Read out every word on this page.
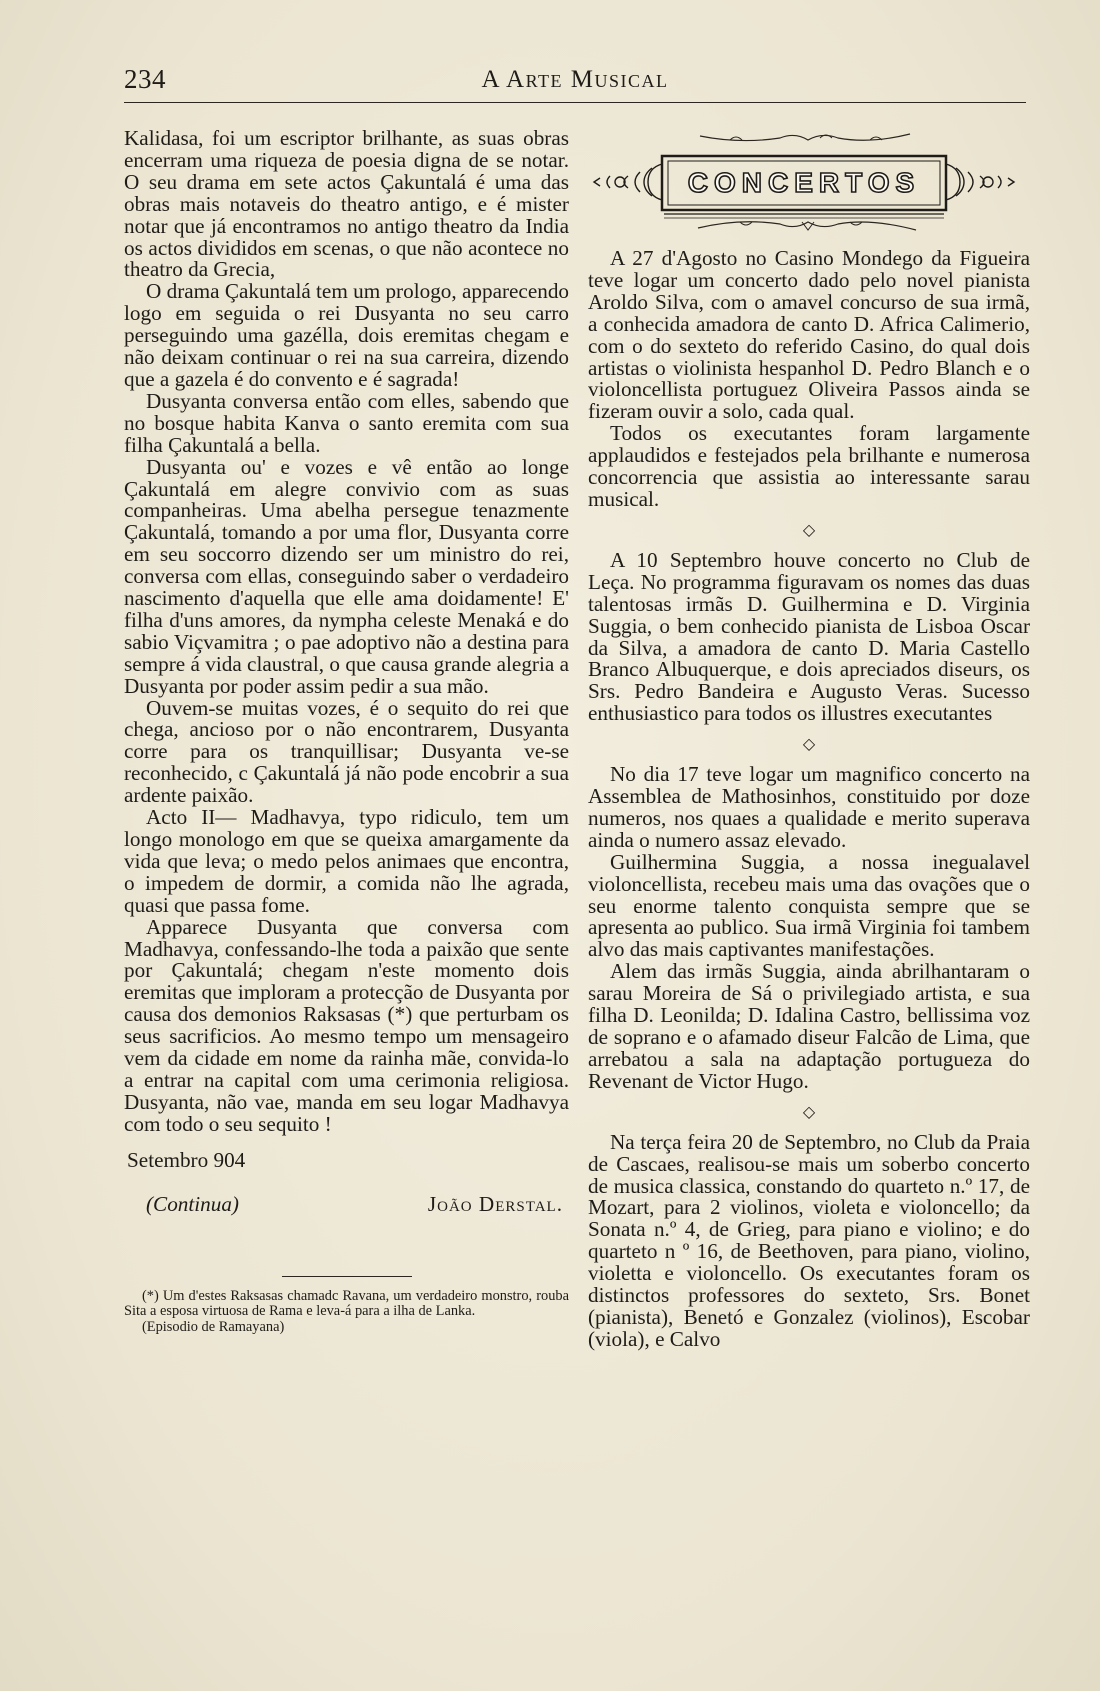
234	A Arte Musical

Kalidasa, foi um escriptor brilhante, as suas obras encerram uma riqueza de poesia digna de se notar. O seu drama em sete actos Çakuntalá é uma das obras mais notaveis do theatro antigo, e é mister notar que já encontramos no antigo theatro da India os actos divididos em scenas, o que não acontece no theatro da Grecia,

O drama Çakuntalá tem um prologo, apparecendo logo em seguida o rei Dusyanta no seu carro perseguindo uma gazélla, dois eremitas chegam e não deixam continuar o rei na sua carreira, dizendo que a gazela é do convento e é sagrada!

Dusyanta conversa então com elles, sabendo que no bosque habita Kanva o santo eremita com sua filha Çakuntalá a bella.

Dusyanta ou' e vozes e vê então ao longe Çakuntalá em alegre convivio com as suas companheiras. Uma abelha persegue tenazmente Çakuntalá, tomando a por uma flor, Dusyanta corre em seu soccorro dizendo ser um ministro do rei, conversa com ellas, conseguindo saber o verdadeiro nascimento d'aquella que elle ama doidamente! E' filha d'uns amores, da nympha celeste Menaká e do sabio Viçvamitra ; o pae adoptivo não a destina para sempre á vida claustral, o que causa grande alegria a Dusyanta por poder assim pedir a sua mão.

Ouvem-se muitas vozes, é o sequito do rei que chega, ancioso por o não encontrarem, Dusyanta corre para os tranquillisar; Dusyanta ve-se reconhecido, c Çakuntalá já não pode encobrir a sua ardente paixão.

Acto II— Madhavya, typo ridiculo, tem um longo monologo em que se queixa amargamente da vida que leva; o medo pelos animaes que encontra, o impedem de dormir, a comida não lhe agrada, quasi que passa fome.

Apparece Dusyanta que conversa com Madhavya, confessando-lhe toda a paixão que sente por Çakuntalá; chegam n'este momento dois eremitas que imploram a protecção de Dusyanta por causa dos demonios Raksasas (*) que perturbam os seus sacrificios. Ao mesmo tempo um mensageiro vem da cidade em nome da rainha mãe, convida-lo a entrar na capital com uma cerimonia religiosa. Dusyanta, não vae, manda em seu logar Madhavya com todo o seu sequito !

Setembro 904
(Continua)	João Derstal.

(*) Um d'estes Raksasas chamadc Ravana, um verdadeiro monstro, rouba Sita a esposa virtuosa de Rama e leva-á para a ilha de Lanka.

(Episodio de Ramayana)

CONCERTOS

A 27 d'Agosto no Casino Mondego da Figueira teve logar um concerto dado pelo novel pianista Aroldo Silva, com o amavel concurso de sua irmã, a conhecida amadora de canto D. Africa Calimerio, com o do sexteto do referido Casino, do qual dois artistas o violinista hespanhol D. Pedro Blanch e o violoncellista portuguez Oliveira Passos ainda se fizeram ouvir a solo, cada qual.

Todos os executantes foram largamente applaudidos e festejados pela brilhante e numerosa concorrencia que assistia ao interessante sarau musical.

◇

A 10 Septembro houve concerto no Club de Leça. No programma figuravam os nomes das duas talentosas irmãs D. Guilhermina e D. Virginia Suggia, o bem conhecido pianista de Lisboa Oscar da Silva, a amadora de canto D. Maria Castello Branco Albuquerque, e dois apreciados diseurs, os Srs. Pedro Bandeira e Augusto Veras. Sucesso enthusiastico para todos os illustres executantes

◇

No dia 17 teve logar um magnifico concerto na Assemblea de Mathosinhos, constituido por doze numeros, nos quaes a qualidade e merito superava ainda o numero assaz elevado.

Guilhermina Suggia, a nossa inegualavel violoncellista, recebeu mais uma das ovações que o seu enorme talento conquista sempre que se apresenta ao publico. Sua irmã Virginia foi tambem alvo das mais captivantes manifestações.

Alem das irmãs Suggia, ainda abrilhantaram o sarau Moreira de Sá o privilegiado artista, e sua filha D. Leonilda; D. Idalina Castro, bellissima voz de soprano e o afamado diseur Falcão de Lima, que arrebatou a sala na adaptação portugueza do Revenant de Victor Hugo.

◇

Na terça feira 20 de Septembro, no Club da Praia de Cascaes, realisou-se mais um soberbo concerto de musica classica, constando do quarteto n.º 17, de Mozart, para 2 violinos, violeta e violoncello; da Sonata n.º 4, de Grieg, para piano e violino; e do quarteto n º 16, de Beethoven, para piano, violino, violetta e violoncello. Os executantes foram os distinctos professores do sexteto, Srs. Bonet (pianista), Benetó e Gonzalez (violinos), Escobar (viola), e Calvo
